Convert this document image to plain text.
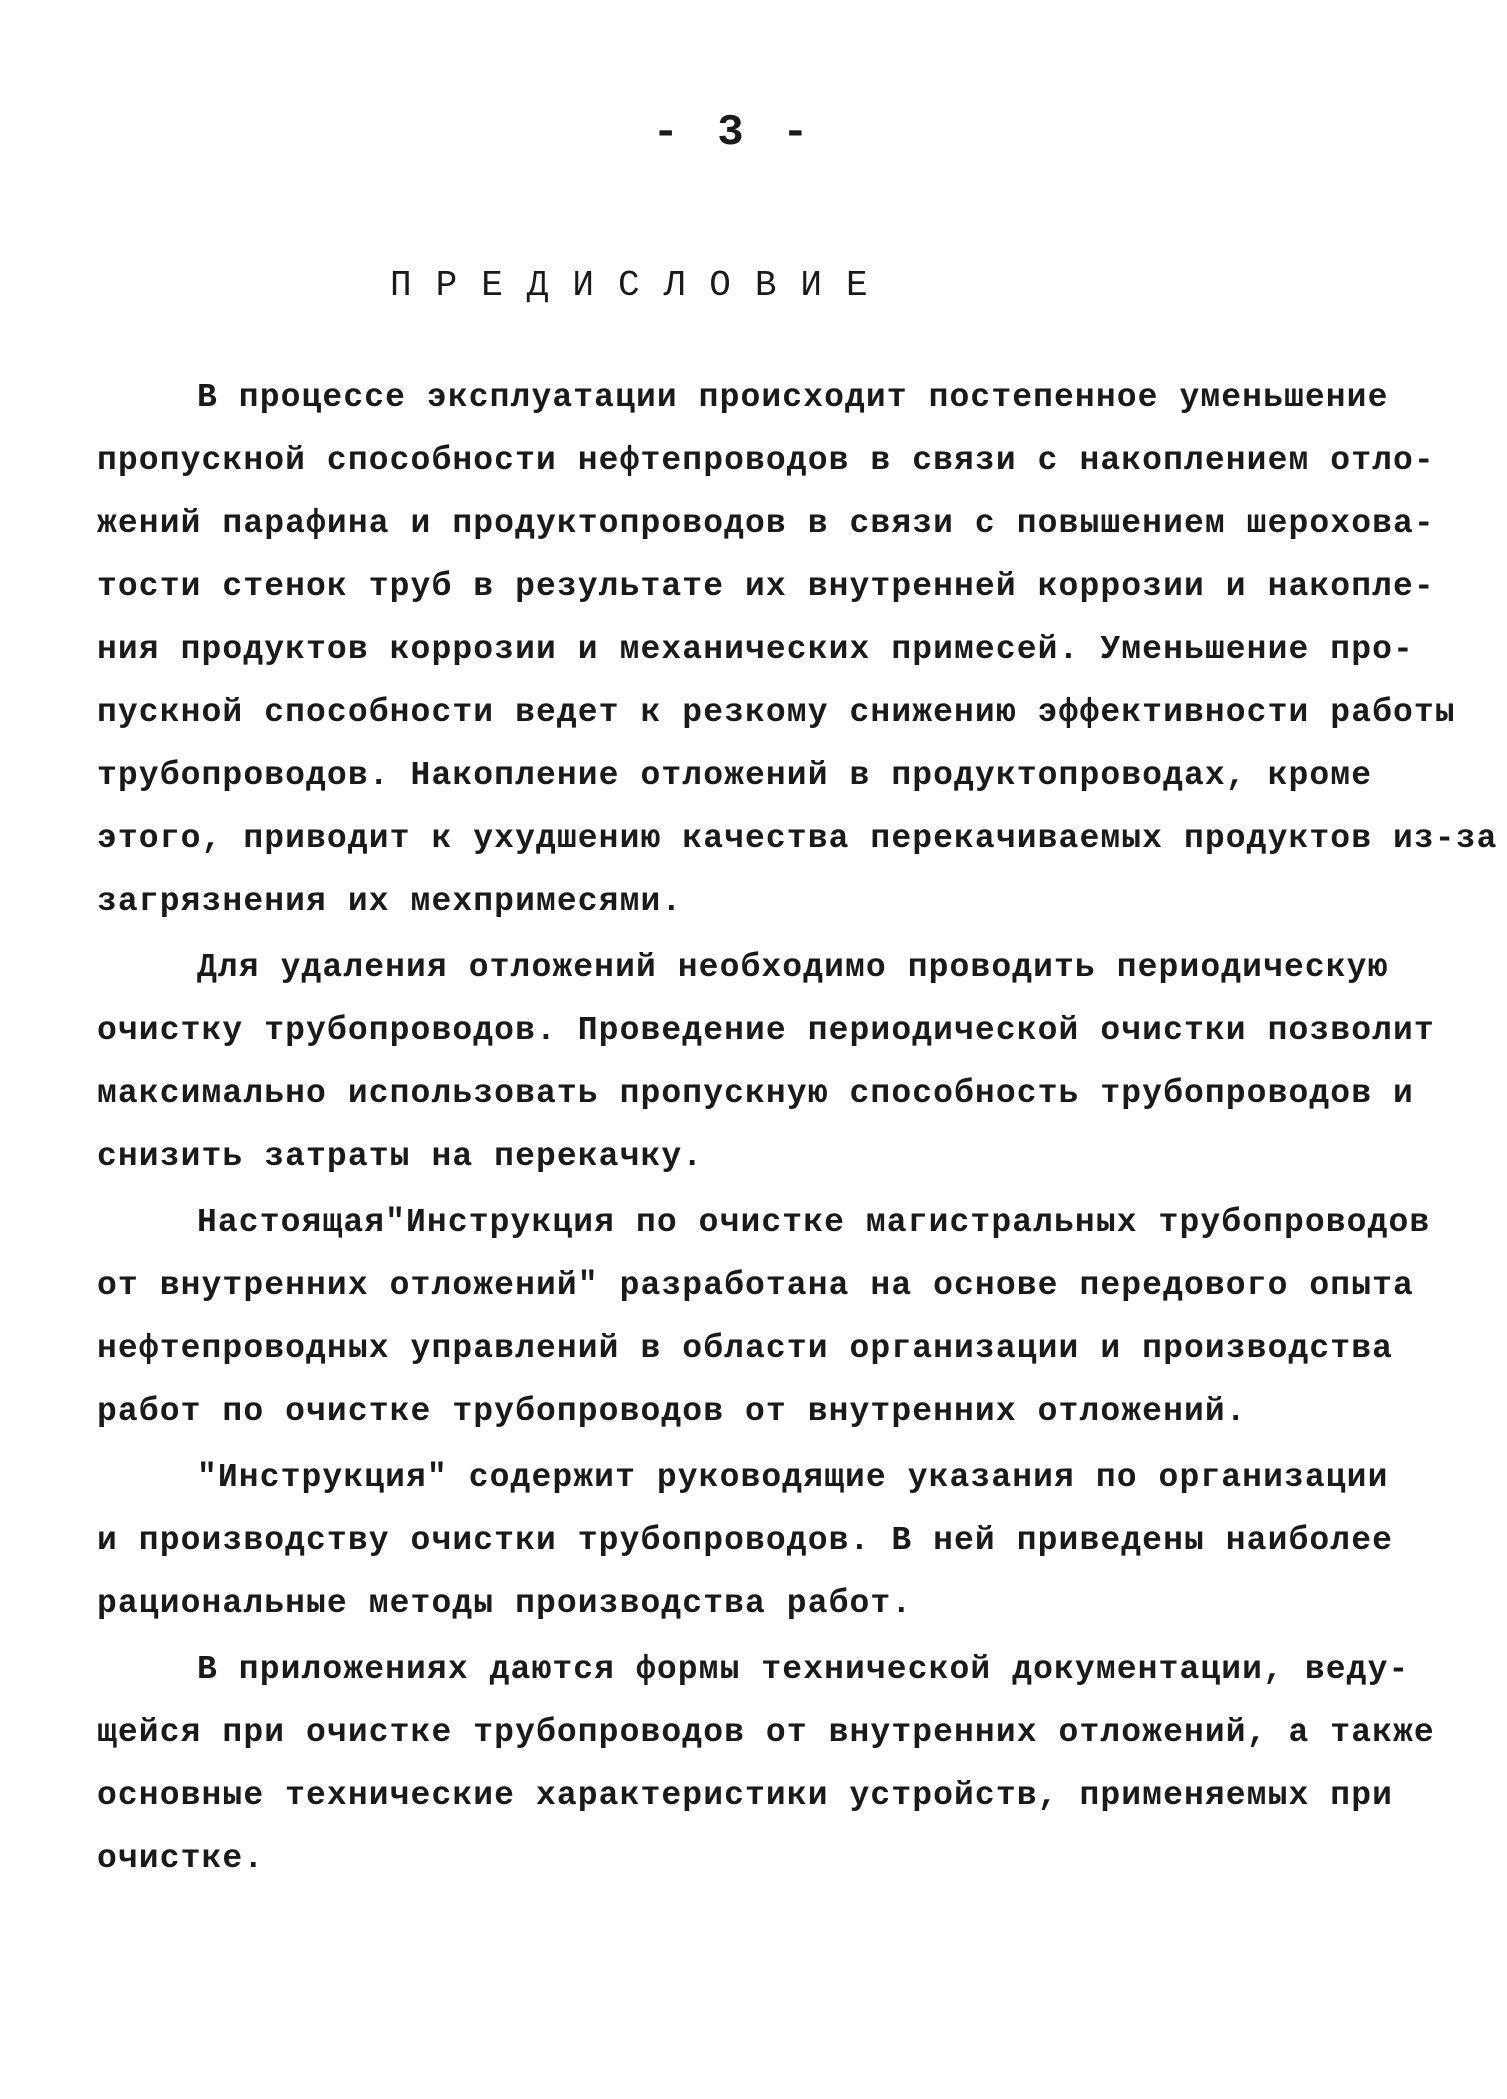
- 3 -
ПРЕДИСЛОВИЕ
В процессе эксплуатации происходит постепенное уменьшение
пропускной способности нефтепроводов в связи с накоплением отло-
жений парафина и продуктопроводов в связи с повышением шерохова-
тости стенок труб в результате их внутренней коррозии и накопле-
ния продуктов коррозии и механических примесей. Уменьшение про-
пускной способности ведет к резкому снижению эффективности работы
трубопроводов. Накопление отложений в продуктопроводах, кроме
этого, приводит к ухудшению качества перекачиваемых продуктов из-за
загрязнения их мехпримесями.
Для удаления отложений необходимо проводить периодическую
очистку трубопроводов. Проведение периодической очистки позволит
максимально использовать пропускную способность трубопроводов и
снизить затраты на перекачку.
Настоящая"Инструкция по очистке магистральных трубопроводов
от внутренних отложений" разработана на основе передового опыта
нефтепроводных управлений в области организации и производства
работ по очистке трубопроводов от внутренних отложений.
"Инструкция" содержит руководящие указания по организации
и производству очистки трубопроводов. В ней приведены наиболее
рациональные методы производства работ.
В приложениях даются формы технической документации, веду-
щейся при очистке трубопроводов от внутренних отложений, а также
основные технические характеристики устройств, применяемых при
очистке.
